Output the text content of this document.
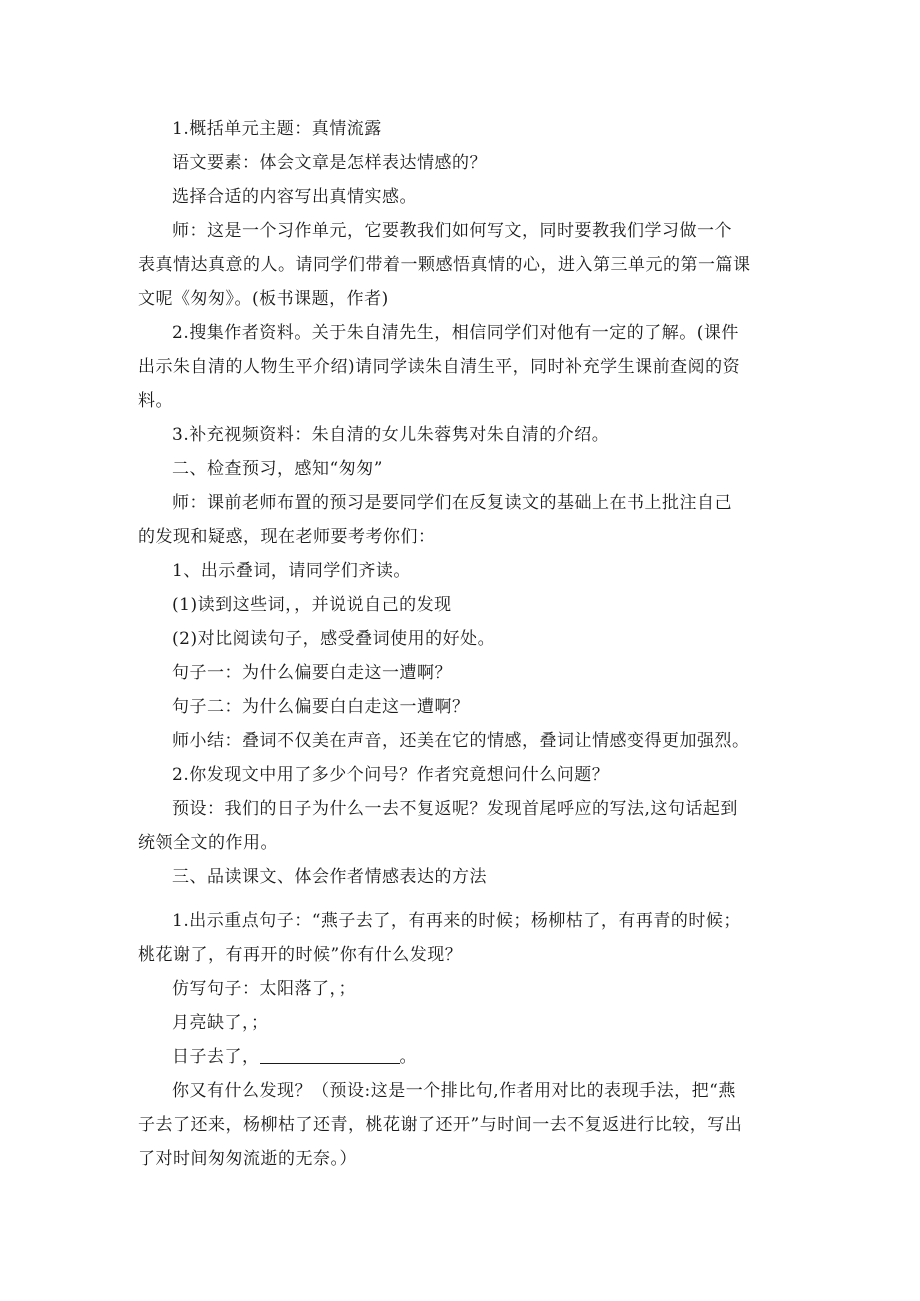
1.概括单元主题：真情流露
语文要素：体会文章是怎样表达情感的？
选择合适的内容写出真情实感。
师：这是一个习作单元，它要教我们如何写文，同时要教我们学习做一个
表真情达真意的人。请同学们带着一颗感悟真情的心，进入第三单元的第一篇课
文呢《匆匆》。(板书课题，作者)
2.搜集作者资料。关于朱自清先生，相信同学们对他有一定的了解。(课件
出示朱自清的人物生平介绍)请同学读朱自清生平，同时补充学生课前查阅的资
料。
3.补充视频资料：朱自清的女儿朱蓉隽对朱自清的介绍。
二、检查预习，感知“匆匆”
师：课前老师布置的预习是要同学们在反复读文的基础上在书上批注自己
的发现和疑惑，现在老师要考考你们：
1、出示叠词，请同学们齐读。
(1)读到这些词，，并说说自己的发现
(2)对比阅读句子，感受叠词使用的好处。
句子一：为什么偏要白走这一遭啊？
句子二：为什么偏要白白走这一遭啊？
师小结：叠词不仅美在声音，还美在它的情感，叠词让情感变得更加强烈。
2.你发现文中用了多少个问号？作者究竟想问什么问题？
预设：我们的日子为什么一去不复返呢？发现首尾呼应的写法,这句话起到
统领全文的作用。
三、品读课文、体会作者情感表达的方法
1.出示重点句子：“燕子去了，有再来的时候；杨柳枯了，有再青的时候；
桃花谢了，有再开的时候”你有什么发现？
仿写句子：太阳落了，；
月亮缺了，；
日子去了，	。
你又有什么发现？（预设:这是一个排比句,作者用对比的表现手法，把“燕
子去了还来，杨柳枯了还青，桃花谢了还开”与时间一去不复返进行比较，写出
了对时间匆匆流逝的无奈。）
